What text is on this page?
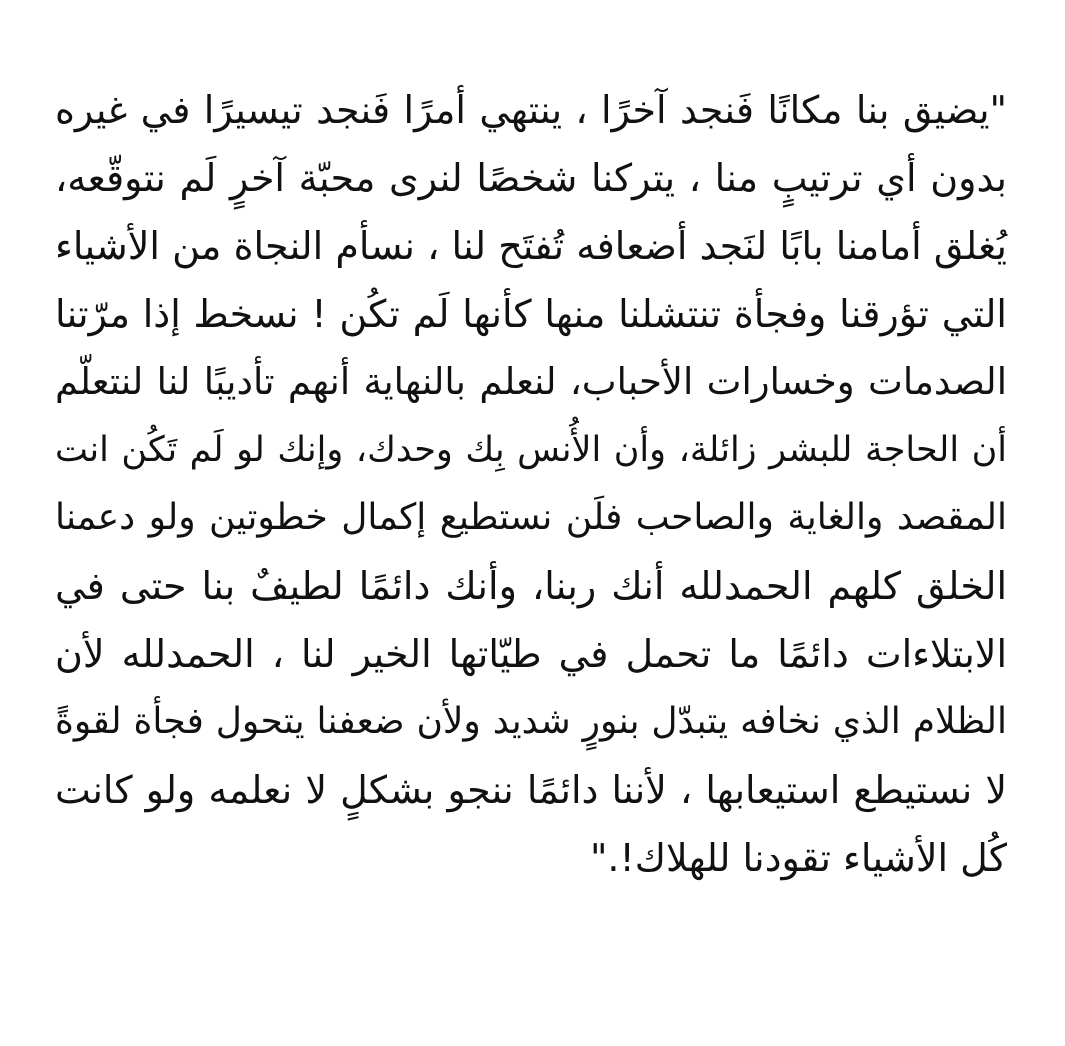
"يضيق بنا مكانًا فَنجد آخرًا ، ينتهي أمرًا فَنجد تيسيرًا في غيره
بدون أي ترتيبٍ منا ، يتركنا شخصًا لنرى محبّة آخرٍ لَم نتوقّعه،
يُغلق أمامنا بابًا لنَجد أضعافه تُفتَح لنا ، نسأم النجاة من الأشياء
التي تؤرقنا وفجأة تنتشلنا منها كأنها لَم تكُن ! نسخط إذا مرّتنا
الصدمات وخسارات الأحباب، لنعلم بالنهاية أنهم تأديبًا لنا لنتعلّم
أن الحاجة للبشر زائلة، وأن الأُنس بِك وحدك، وإنك لو لَم تَكُن انت
المقصد والغاية والصاحب فلَن نستطيع إكمال خطوتين ولو دعمنا
الخلق كلهم الحمدلله أنك ربنا، وأنك دائمًا لطيفٌ بنا حتى في
الابتلاءات دائمًا ما تحمل في طيّاتها الخير لنا ، الحمدلله لأن
الظلام الذي نخافه يتبدّل بنورٍ شديد ولأن ضعفنا يتحول فجأة لقوةً
لا نستيطع استيعابها ، لأننا دائمًا ننجو بشكلٍ لا نعلمه ولو كانت
كُل الأشياء تقودنا للهلاك!."
